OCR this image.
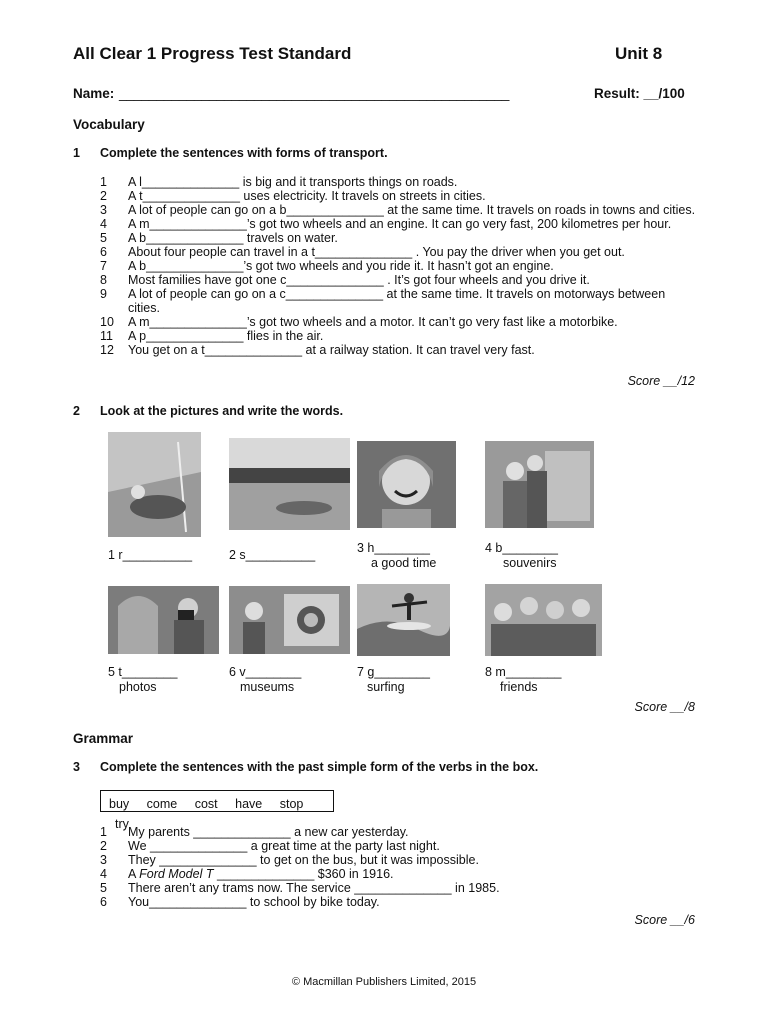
All Clear 1 Progress Test Standard	Unit 8
Name: ____________________________________________________	Result: __/100
Vocabulary
1 Complete the sentences with forms of transport.
1	A l______________ is big and it transports things on roads.
2	A t______________ uses electricity. It travels on streets in cities.
3	A lot of people can go on a b______________ at the same time. It travels on roads in towns and cities.
4	A m______________’s got two wheels and an engine. It can go very fast, 200 kilometres per hour.
5	A b______________ travels on water.
6	About four people can travel in a t______________ . You pay the driver when you get out.
7	A b______________’s got two wheels and you ride it. It hasn’t got an engine.
8	Most families have got one c______________ . It’s got four wheels and you drive it.
9	A lot of people can go on a c______________ at the same time. It travels on motorways between cities.
10	A m______________’s got two wheels and a motor. It can’t go very fast like a motorbike.
11	A p______________ flies in the air.
12	You get on a t______________ at a railway station. It can travel very fast.
Score __/12
2 Look at the pictures and write the words.
1 r__________	2 s__________	3 h________
a good time
4 b________
souvenirs
5 t________
photos
6 v________
museums
7 g________
surfing
8 m________
friends
Score __/8
Grammar
3 Complete the sentences with the past simple form of the verbs in the box.
buy come cost have stop try
1	My parents ______________ a new car yesterday.
2	We ______________ a great time at the party last night.
3	They ______________ to get on the bus, but it was impossible.
4	A Ford Model T ______________ $360 in 1916.
5	There aren’t any trams now. The service ______________ in 1985.
6	You______________ to school by bike today.
Score __/6
© Macmillan Publishers Limited, 2015
